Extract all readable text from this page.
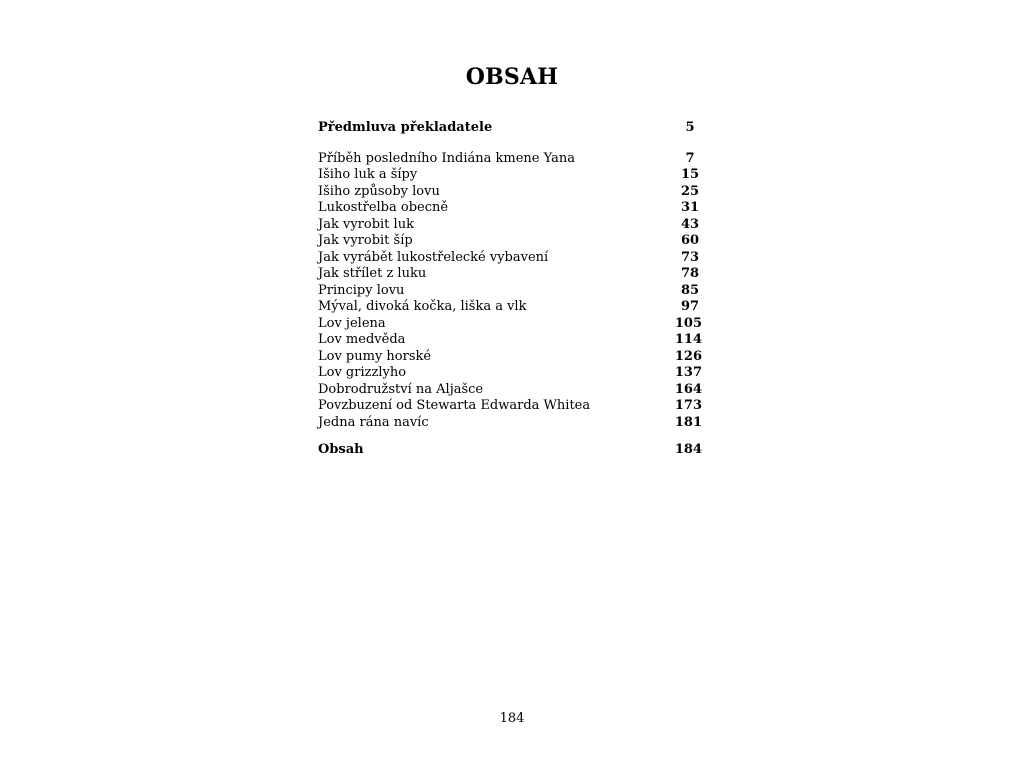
OBSAH
Předmluva překladatele	5
Příběh posledního Indiána kmene Yana	7
Išiho luk a šípy	15
Išiho způsoby lovu	25
Lukostřelba obecně	31
Jak vyrobit luk	43
Jak vyrobit šíp	60
Jak vyrábět lukostřelecké vybavení	73
Jak střílet z luku	78
Principy lovu	85
Mýval, divoká kočka, liška a vlk	97
Lov jelena	105
Lov medvěda	114
Lov pumy horské	126
Lov grizzlyho	137
Dobrodružství na Aljašce	164
Povzbuzení od Stewarta Edwarda Whitea	173
Jedna rána navíc	181
Obsah	184
184
